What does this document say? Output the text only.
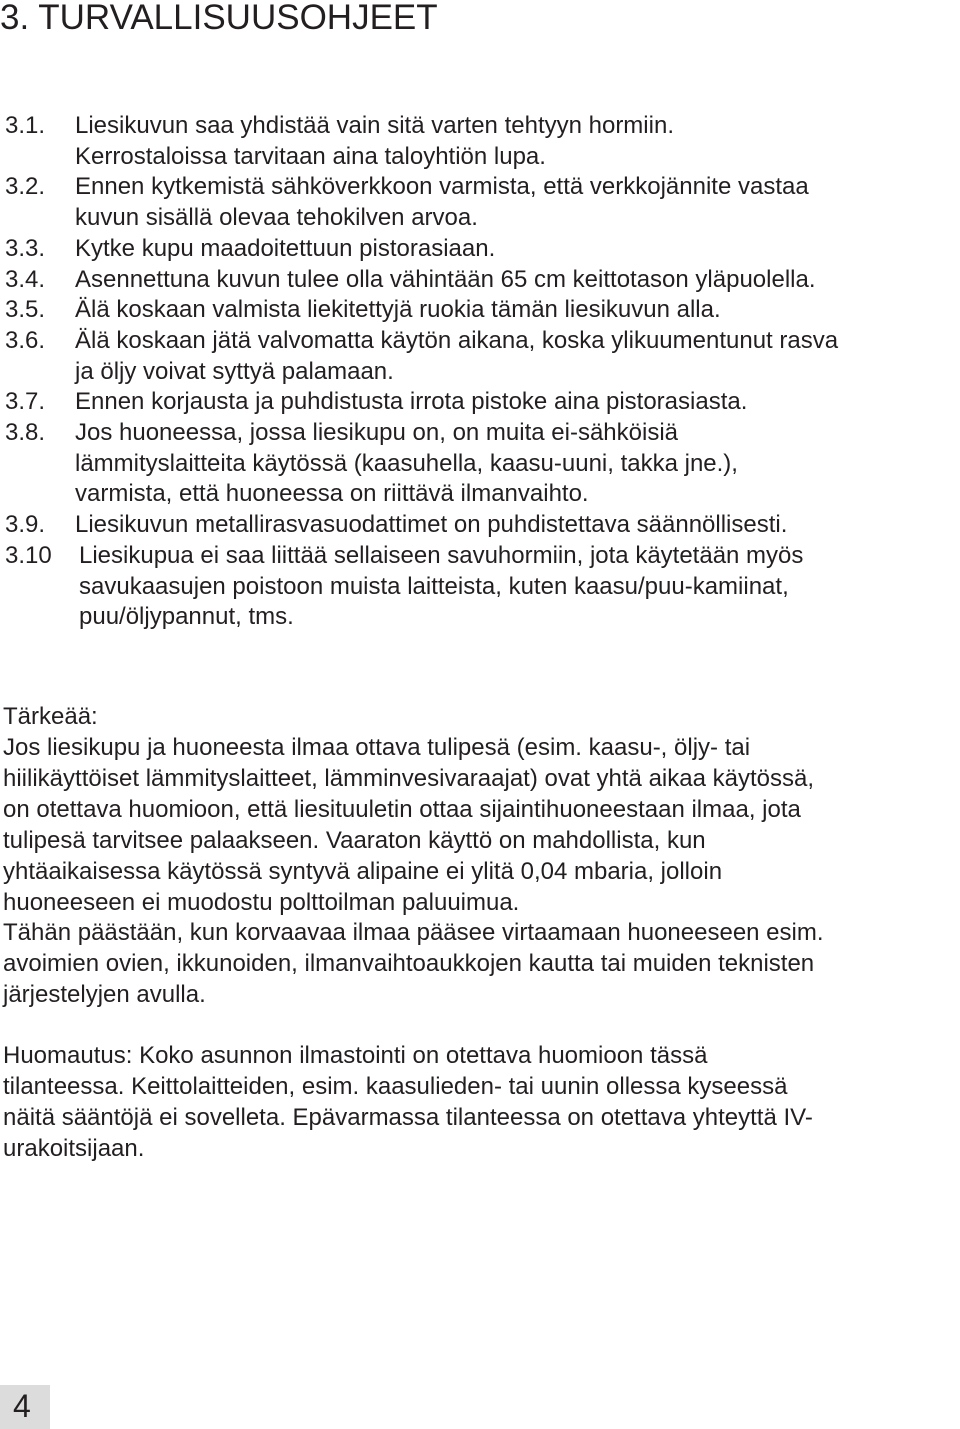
3. TURVALLISUUSOHJEET
3.1.	Liesikuvun saa yhdistää vain sitä varten tehtyyn hormiin.
Kerrostaloissa tarvitaan aina taloyhtiön lupa.
3.2.	Ennen kytkemistä sähköverkkoon varmista, että verkkojännite vastaa
kuvun sisällä olevaa tehokilven arvoa.
3.3.	Kytke kupu maadoitettuun pistorasiaan.
3.4.	Asennettuna kuvun tulee olla vähintään 65 cm keittotason yläpuolella.
3.5.	Älä koskaan valmista liekitettyjä ruokia tämän liesikuvun alla.
3.6.	Älä koskaan jätä valvomatta käytön aikana, koska ylikuumentunut rasva
ja öljy voivat syttyä palamaan.
3.7.	Ennen korjausta ja puhdistusta irrota pistoke aina pistorasiasta.
3.8.	Jos huoneessa, jossa liesikupu on, on muita ei-sähköisiä
lämmityslaitteita käytössä (kaasuhella, kaasu-uuni, takka jne.),
varmista, että huoneessa on riittävä ilmanvaihto.
3.9.	Liesikuvun metallirasvasuodattimet on puhdistettava säännöllisesti.
3.10	Liesikupua ei saa liittää sellaiseen savuhormiin, jota käytetään myös
savukaasujen poistoon muista laitteista, kuten kaasu/puu-kamiinat,
puu/öljypannut, tms.

Tärkeää:

Jos liesikupu ja huoneesta ilmaa ottava tulipesä (esim. kaasu-, öljy- tai
hiilikäyttöiset lämmityslaitteet, lämminvesivaraajat) ovat yhtä aikaa käytössä,
on otettava huomioon, että liesituuletin ottaa sijaintihuoneestaan ilmaa, jota
tulipesä tarvitsee palaakseen. Vaaraton käyttö on mahdollista, kun
yhtäaikaisessa käytössä syntyvä alipaine ei ylitä 0,04 mbaria, jolloin
huoneeseen ei muodostu polttoilman paluuimua.
Tähän päästään, kun korvaavaa ilmaa pääsee virtaamaan huoneeseen esim.
avoimien ovien, ikkunoiden, ilmanvaihtoaukkojen kautta tai muiden teknisten
järjestelyjen avulla.

Huomautus: Koko asunnon ilmastointi on otettava huomioon tässä
tilanteessa. Keittolaitteiden, esim. kaasulieden- tai uunin ollessa kyseessä
näitä sääntöjä ei sovelleta. Epävarmassa tilanteessa on otettava yhteyttä IV-
urakoitsijaan.

4
